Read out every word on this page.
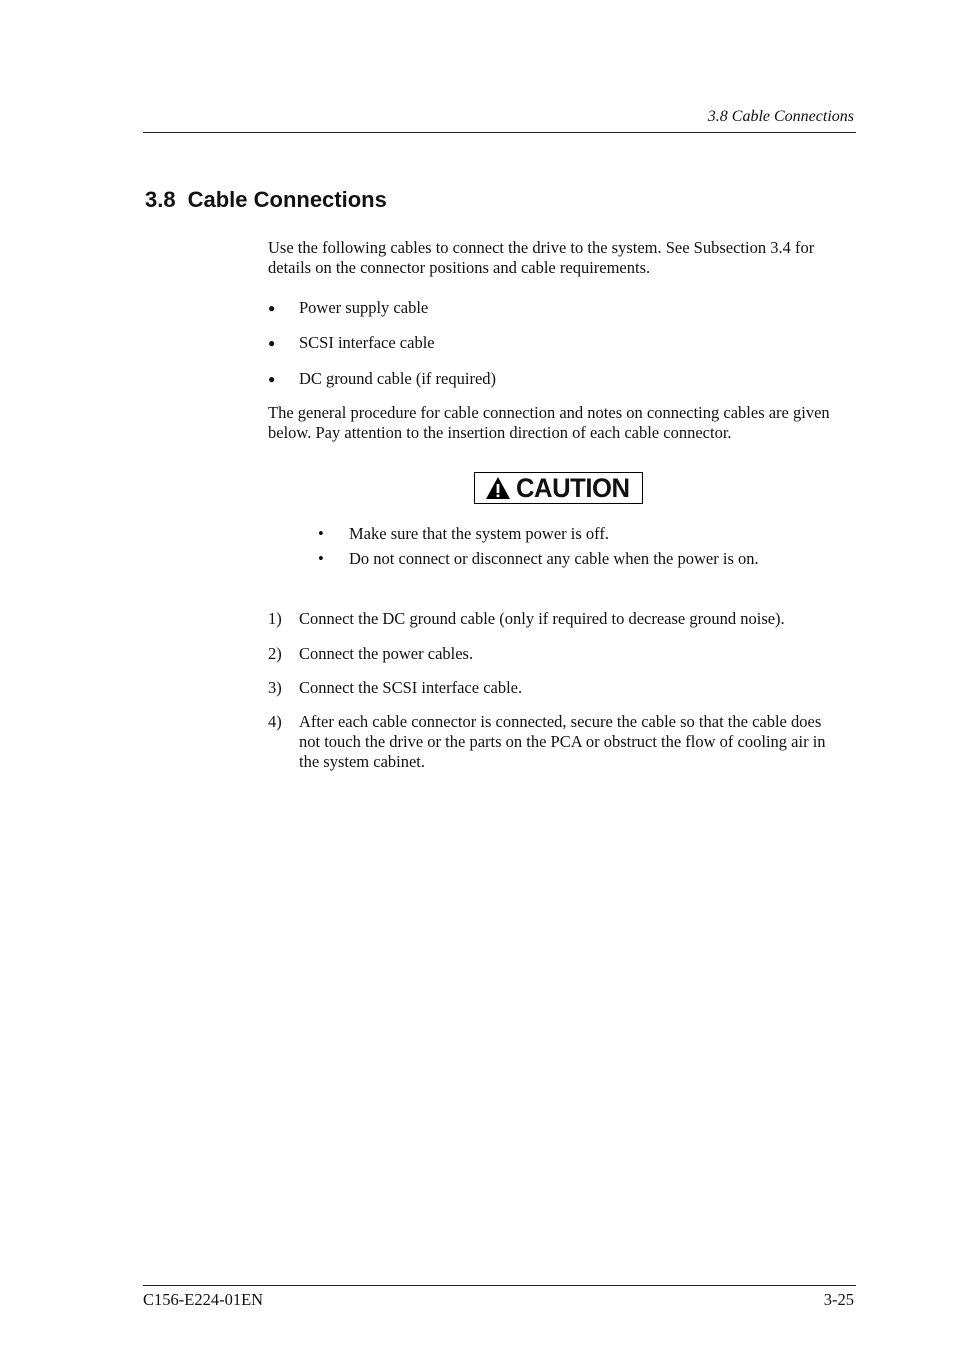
3.8 Cable Connections
3.8 Cable Connections

Use the following cables to connect the drive to the system. See Subsection 3.4 for details on the connector positions and cable requirements.

● Power supply cable
● SCSI interface cable
● DC ground cable (if required)

The general procedure for cable connection and notes on connecting cables are given below. Pay attention to the insertion direction of each cable connector.

CAUTION
• Make sure that the system power is off.
• Do not connect or disconnect any cable when the power is on.
1) Connect the DC ground cable (only if required to decrease ground noise).
2) Connect the power cables.
3) Connect the SCSI interface cable.
4) After each cable connector is connected, secure the cable so that the cable does not touch the drive or the parts on the PCA or obstruct the flow of cooling air in the system cabinet.
C156-E224-01EN	3-25
